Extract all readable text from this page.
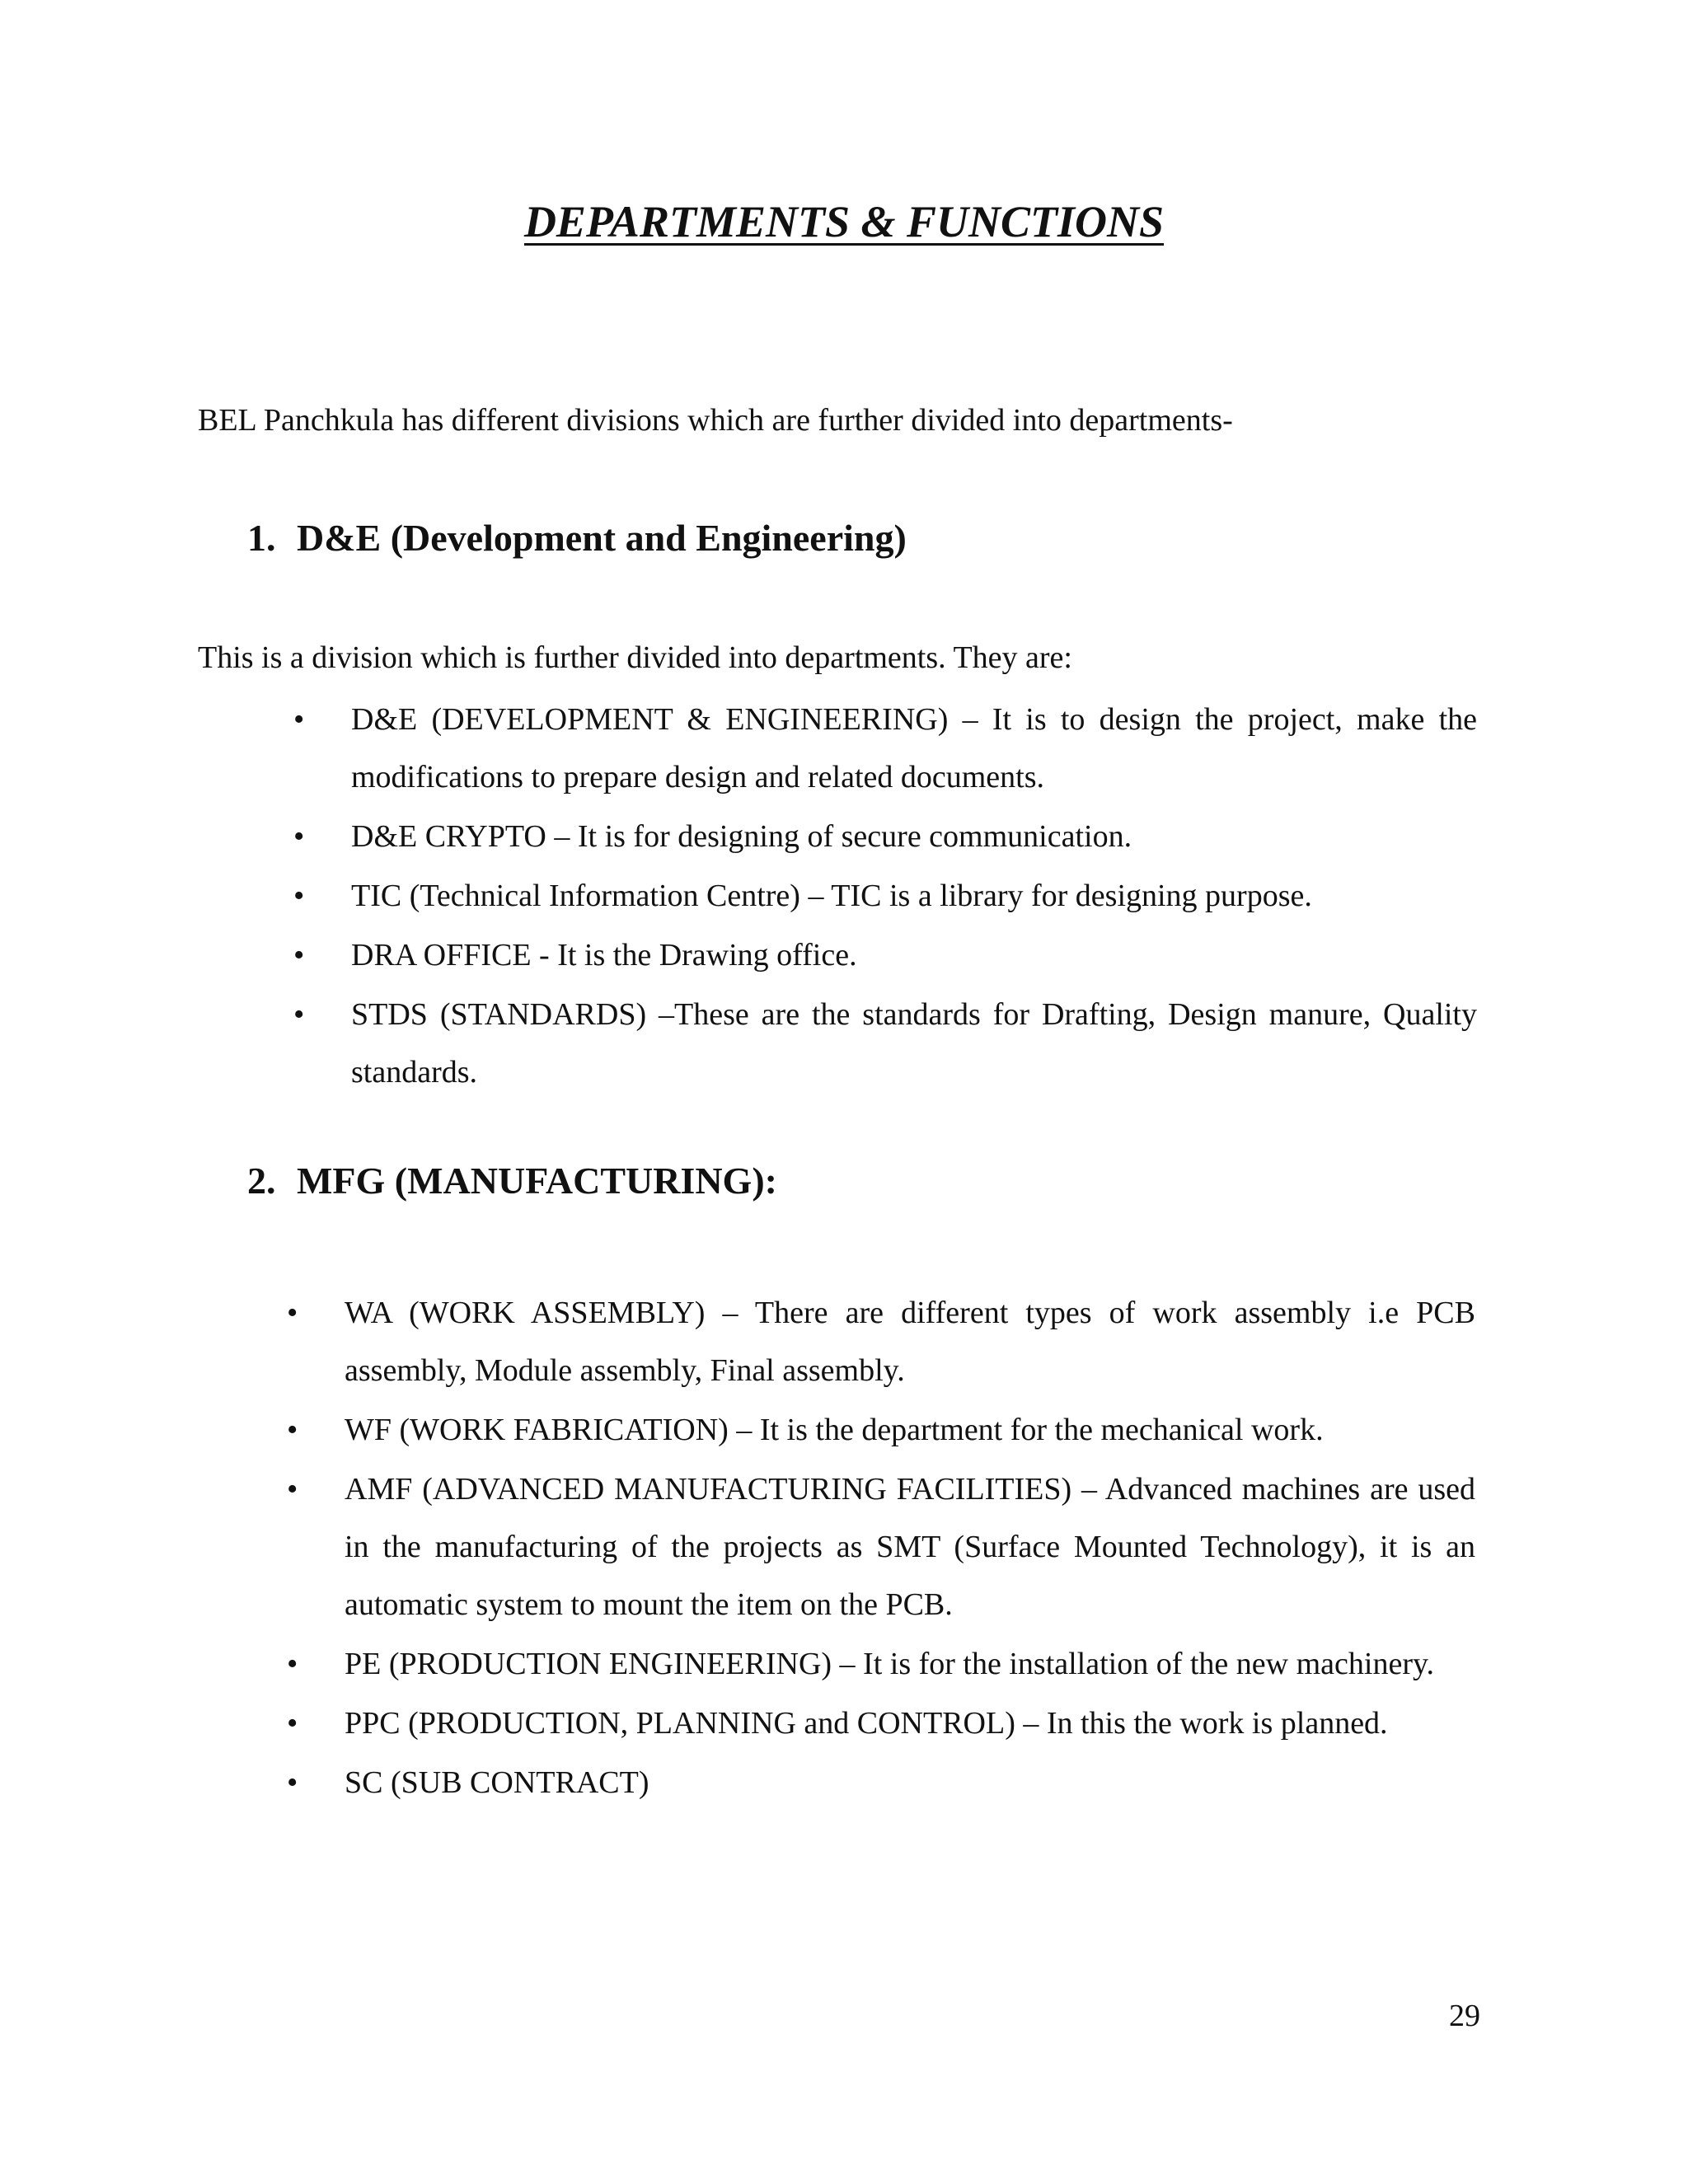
DEPARTMENTS & FUNCTIONS

BEL Panchkula has different divisions which are further divided into departments-

1. D&E (Development and Engineering)

This is a division which is further divided into departments. They are:

• D&E (DEVELOPMENT & ENGINEERING) – It is to design the project, make the modifications to prepare design and related documents.
• D&E CRYPTO – It is for designing of secure communication.
• TIC (Technical Information Centre) – TIC is a library for designing purpose.
• DRA OFFICE - It is the Drawing office.
• STDS (STANDARDS) –These are the standards for Drafting, Design manure, Quality standards.
2. MFG (MANUFACTURING):
• WA (WORK ASSEMBLY) – There are different types of work assembly i.e PCB assembly, Module assembly, Final assembly.
• WF (WORK FABRICATION) – It is the department for the mechanical work.
• AMF (ADVANCED MANUFACTURING FACILITIES) – Advanced machines are used in the manufacturing of the projects as SMT (Surface Mounted Technology), it is an automatic system to mount the item on the PCB.
• PE (PRODUCTION ENGINEERING) – It is for the installation of the new machinery.
• PPC (PRODUCTION, PLANNING and CONTROL) – In this the work is planned.
• SC (SUB CONTRACT)

29
